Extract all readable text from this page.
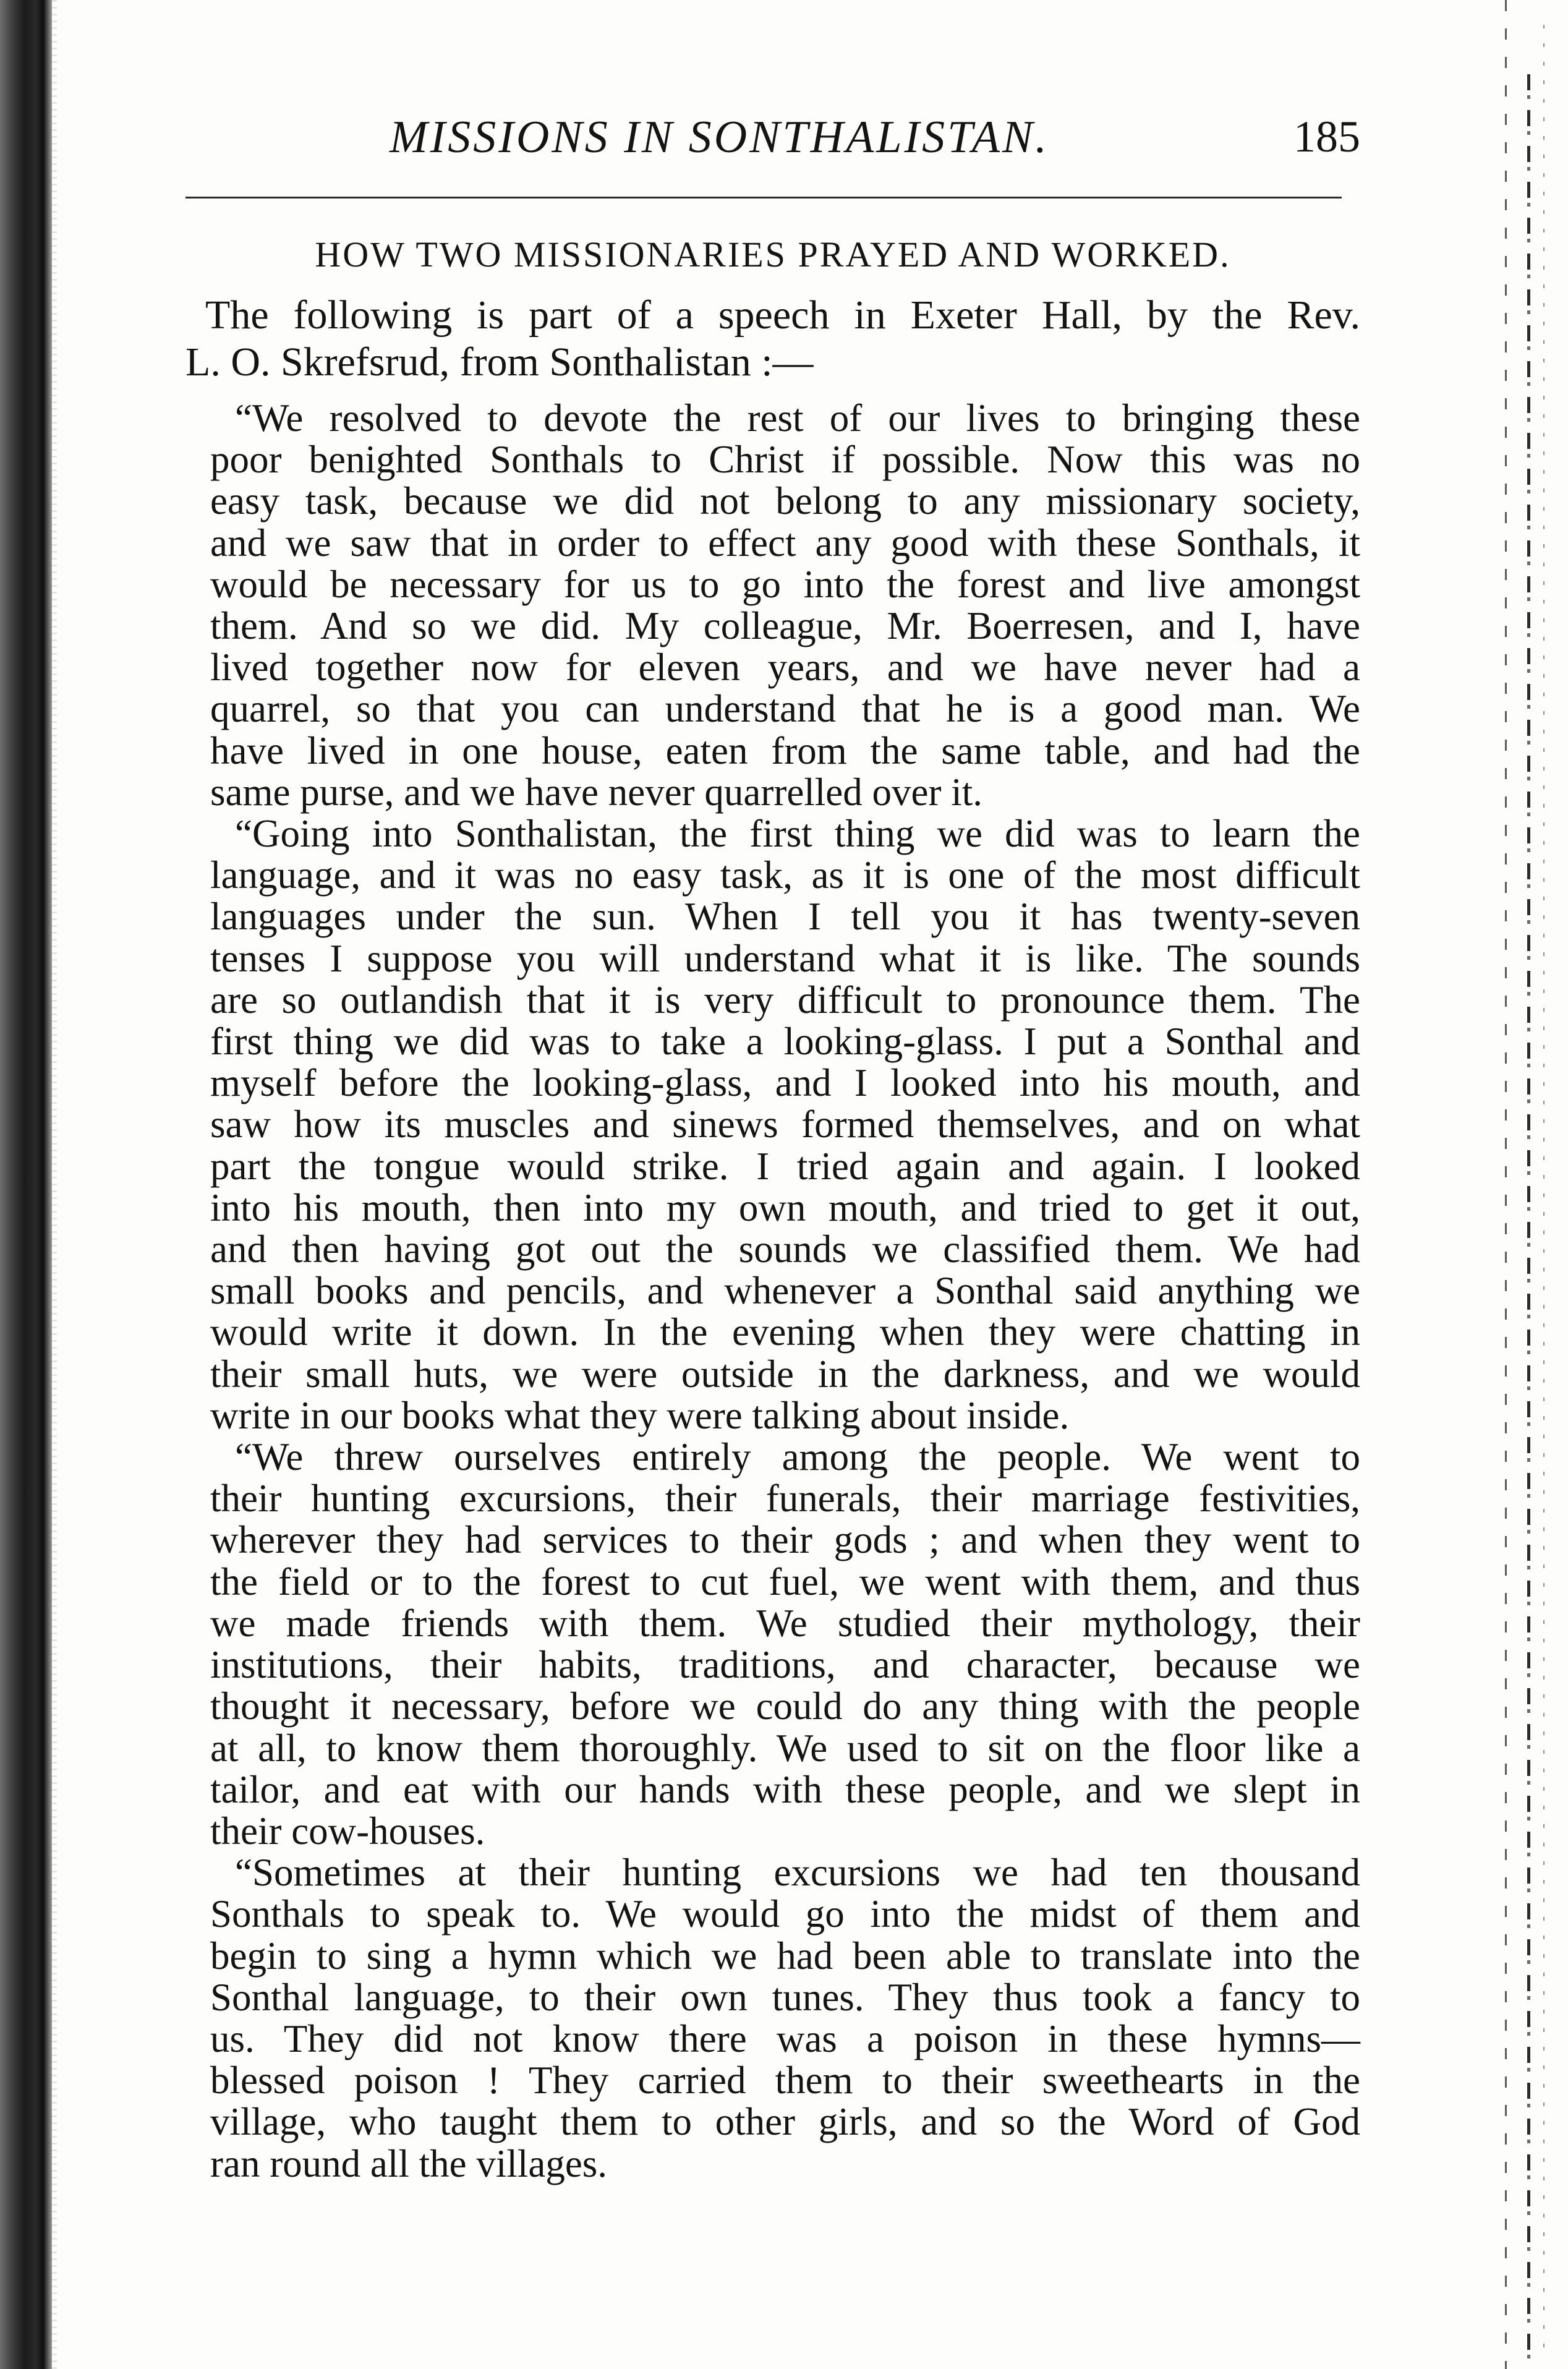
MISSIONS IN SONTHALISTAN.	185
HOW TWO MISSIONARIES PRAYED AND WORKED.
The following is part of a speech in Exeter Hall, by the Rev.
L. O. Skrefsrud, from Sonthalistan :—
“We resolved to devote the rest of our lives to bringing these
poor benighted Sonthals to Christ if possible. Now this was no
easy task, because we did not belong to any missionary society,
and we saw that in order to effect any good with these Sonthals, it
would be necessary for us to go into the forest and live amongst
them. And so we did. My colleague, Mr. Boerresen, and I, have
lived together now for eleven years, and we have never had a
quarrel, so that you can understand that he is a good man. We
have lived in one house, eaten from the same table, and had the
same purse, and we have never quarrelled over it.
“Going into Sonthalistan, the first thing we did was to learn the
language, and it was no easy task, as it is one of the most difficult
languages under the sun. When I tell you it has twenty-seven
tenses I suppose you will understand what it is like. The sounds
are so outlandish that it is very difficult to pronounce them. The
first thing we did was to take a looking-glass. I put a Sonthal and
myself before the looking-glass, and I looked into his mouth, and
saw how its muscles and sinews formed themselves, and on what
part the tongue would strike. I tried again and again. I looked
into his mouth, then into my own mouth, and tried to get it out,
and then having got out the sounds we classified them. We had
small books and pencils, and whenever a Sonthal said anything we
would write it down. In the evening when they were chatting in
their small huts, we were outside in the darkness, and we would
write in our books what they were talking about inside.
“We threw ourselves entirely among the people. We went to
their hunting excursions, their funerals, their marriage festivities,
wherever they had services to their gods ; and when they went to
the field or to the forest to cut fuel, we went with them, and thus
we made friends with them. We studied their mythology, their
institutions, their habits, traditions, and character, because we
thought it necessary, before we could do any thing with the people
at all, to know them thoroughly. We used to sit on the floor like a
tailor, and eat with our hands with these people, and we slept in
their cow-houses.
“Sometimes at their hunting excursions we had ten thousand
Sonthals to speak to. We would go into the midst of them and
begin to sing a hymn which we had been able to translate into the
Sonthal language, to their own tunes. They thus took a fancy to
us. They did not know there was a poison in these hymns—
blessed poison ! They carried them to their sweethearts in the
village, who taught them to other girls, and so the Word of God
ran round all the villages.
